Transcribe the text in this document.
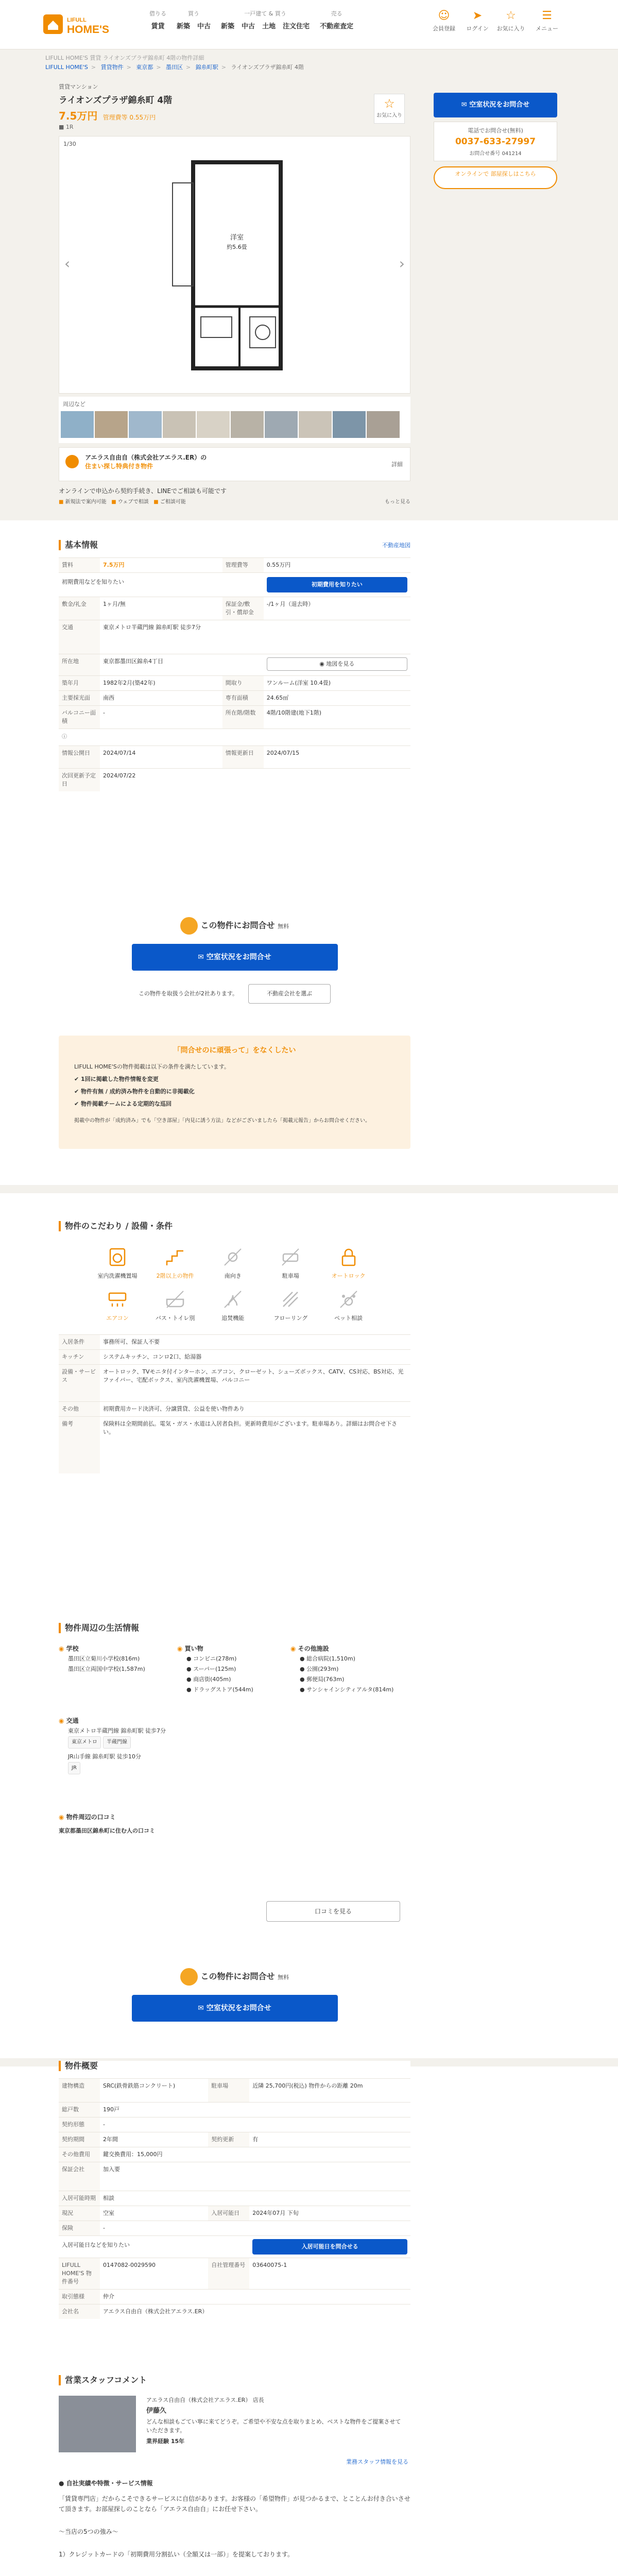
LIFULL
HOME'S
借りる
賃貸
買う
新築 中古
一戸建て & 買う
新築 中古 土地 注文住宅
売る
不動産査定
☺
会員登録
➤
ログイン
☆
お気に入り
☰
メニュー
LIFULL HOME'S 賃貸 ライオンズプラザ錦糸町 4階の物件詳細
LIFULL HOME'S > 賃貸物件 > 東京都 > 墨田区 > 錦糸町駅 > ライオンズプラザ錦糸町 4階
賃貸マンション
ライオンズプラザ錦糸町 4階
7.5万円 管理費等 0.55万円
■ 1R
☆
お気に入り
1/30
洋室
約5.6畳
‹	›
周辺など

アエラス自由自（株式会社アエラス.ER）の
住まい探し特典付き物件	詳細
オンラインで申込から契約手続き、LINEでご相談も可能です
■ 新規法で案内可能 ■ ウェブで相談 ■ ご相談可能	もっと見る
✉ 空室状況をお問合せ
電話でお問合せ(無料)
0037-633-27997
お問合せ番号 041214
オンラインで 部屋探しはこちら
基本情報	不動産地図
賃料	7.5万円	管理費等	0.55万円
初期費用などを知りたい			初期費用を知りたい

敷金/礼金	1ヶ月/無	保証金/敷引・償却金	-/1ヶ月（退去時）
交通	東京メトロ半蔵門線 錦糸町駅 徒歩7分		
所在地	東京都墨田区錦糸4丁目		◉ 地図を見る

築年月	1982年2月(築42年)	間取り	ワンルーム(洋室 10.4畳)
主要採光面	南西	専有面積	24.65㎡
バルコニー面積	-	所在階/階数	4階/10階建(地下1階)
ⓘ			
情報公開日	2024/07/14	情報更新日	2024/07/15
次回更新予定日	2024/07/22		
この物件にお問合せ 無料
✉ 空室状況をお問合せ
この物件を取扱う会社が2社あります。	不動産会社を選ぶ
「問合せのに頑張って」をなくしたい
LIFULL HOME'Sの物件掲載は以下の条件を満たしています。
✔ 1回に掲載した物件情報を変更
✔ 物件有無 / 成約済み物件を自動的に非掲載化
✔ 物件掲載チームによる定期的な巡回
掲載中の物件が「成約済み」でも「空き部屋」「内見に誘う方法」などがございましたら「掲載元報告」からお問合せください。
物件のこだわり / 設備・条件
室内洗濯機置場	2階以上の物件	南向き	駐車場	オートロック
エアコン	バス・トイレ別	追焚機能	フローリング	ペット相談
入居条件	事務所可、保証人不要
キッチン	システムキッチン、コンロ2口、給湯器
設備・サービス	オートロック、TVモニタ付インターホン、エアコン、クローゼット、シューズボックス、CATV、CS対応、BS対応、光ファイバー、宅配ボックス、室内洗濯機置場、バルコニー
その他	初期費用カード決済可、分譲賃貸、公益を使い物件あり
備考	保険料は全期間前払。電気・ガス・水道は入居者負担。更新時費用がございます。駐車場あり。詳細はお問合せ下さい。
物件周辺の生活情報
◉ 学校
墨田区立菊川小学校(816m)
墨田区立両国中学校(1,587m)
◉ 買い物
● コンビニ(278m)
● スーパー(125m)
● 商店街(405m)
● ドラッグストア(544m)
◉ その他施設
● 総合病院(1,510m)
● 公園(293m)
● 郵便局(763m)
● サンシャインシティアルタ(814m)
◉ 交通
東京メトロ半蔵門線 錦糸町駅 徒歩7分
東京メトロ 半蔵門線
JR山手線 錦糸町駅 徒歩10分
JR
◉ 物件周辺の口コミ
東京都墨田区錦糸町に住む人の口コミ
口コミを見る
この物件にお問合せ 無料
✉ 空室状況をお問合せ
物件概要
建物構造	SRC(鉄骨鉄筋コンクリート)	駐車場	近隣 25,700円(税込) 物件からの距離 20m
総戸数	190戸		
契約形態	-		
契約期間	2年間	契約更新	有
その他費用	鍵交換費用：15,000円		
保証会社	加入要		
入居可能時期	相談		
現況	空室	入居可能日	2024年07月 下旬
保険	-		
入居可能日などを知りたい			入居可能日を問合せる

LIFULL HOME'S 物件番号	0147082-0029590	自社管理番号	03640075-1
取引態様	仲介		
会社名	アエラス自由自（株式会社アエラス.ER）		
営業スタッフコメント
アエラス自由自（株式会社アエラス.ER） 店長
伊藤久
どんな相談もごてい寧に来てどうぞ。ご希望や不安な点を取りまとめ、ベストな物件をご提案させていただきます。
業界経験 15年
業務スタッフ情報を見る
● 自社実績や特徴・サービス情報
「賃貸専門店」だからこそできるサービスに自信があります。お客様の「希望物件」が見つかるまで、とことんお付き合いさせて頂きます。お部屋探しのことなら「アエラス自由自」にお任せ下さい。
〜当店の5つの強み〜
1）クレジットカードの「初期費用分割払い（全額又は一部）」を提案しております。
